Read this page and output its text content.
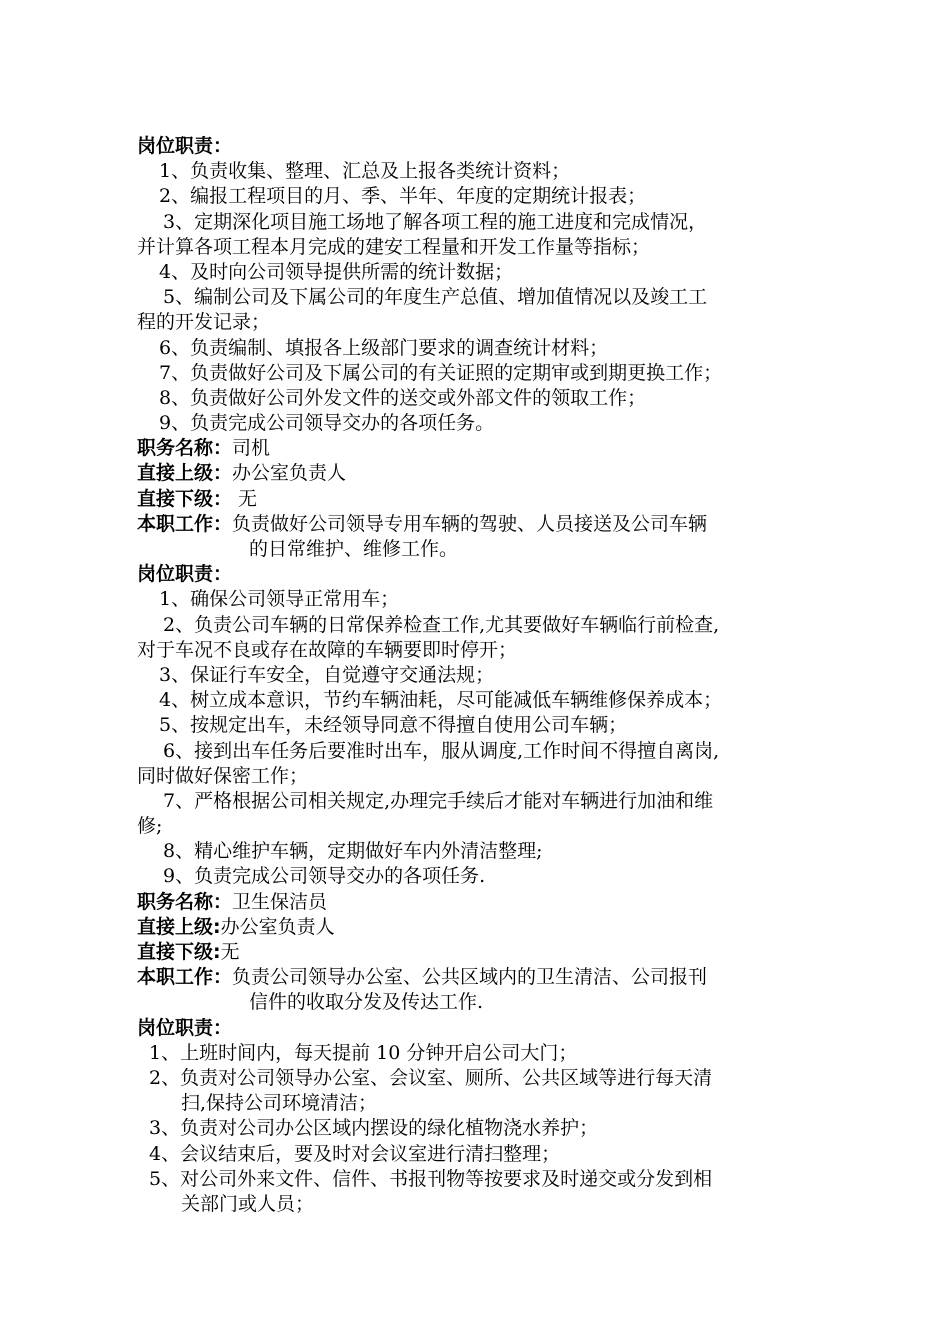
岗位职责：
1、负责收集、整理、汇总及上报各类统计资料；
2、编报工程项目的月、季、半年、年度的定期统计报表；
3、定期深化项目施工场地了解各项工程的施工进度和完成情况，
并计算各项工程本月完成的建安工程量和开发工作量等指标；
4、及时向公司领导提供所需的统计数据；
5、编制公司及下属公司的年度生产总值、增加值情况以及竣工工
程的开发记录；
6、负责编制、填报各上级部门要求的调查统计材料；
7、负责做好公司及下属公司的有关证照的定期审或到期更换工作；
8、负责做好公司外发文件的送交或外部文件的领取工作；
9、负责完成公司领导交办的各项任务。
职务名称：司机
直接上级：办公室负责人
直接下级： 无
本职工作：负责做好公司领导专用车辆的驾驶、人员接送及公司车辆
的日常维护、维修工作。
岗位职责：
1、确保公司领导正常用车；
2、负责公司车辆的日常保养检查工作,尤其要做好车辆临行前检查,
对于车况不良或存在故障的车辆要即时停开；
3、保证行车安全，自觉遵守交通法规；
4、树立成本意识，节约车辆油耗，尽可能减低车辆维修保养成本；
5、按规定出车，未经领导同意不得擅自使用公司车辆；
6、接到出车任务后要准时出车，服从调度,工作时间不得擅自离岗,
同时做好保密工作；
7、严格根据公司相关规定,办理完手续后才能对车辆进行加油和维
修;
8、精心维护车辆，定期做好车内外清洁整理;
9、负责完成公司领导交办的各项任务.
职务名称：卫生保洁员
直接上级:办公室负责人
直接下级:无
本职工作：负责公司领导办公室、公共区域内的卫生清洁、公司报刊
信件的收取分发及传达工作.
岗位职责：
1、上班时间内，每天提前 10 分钟开启公司大门；
2、负责对公司领导办公室、会议室、厕所、公共区域等进行每天清
扫,保持公司环境清洁；
3、负责对公司办公区域内摆设的绿化植物浇水养护；
4、会议结束后，要及时对会议室进行清扫整理；
5、对公司外来文件、信件、书报刊物等按要求及时递交或分发到相
关部门或人员；
